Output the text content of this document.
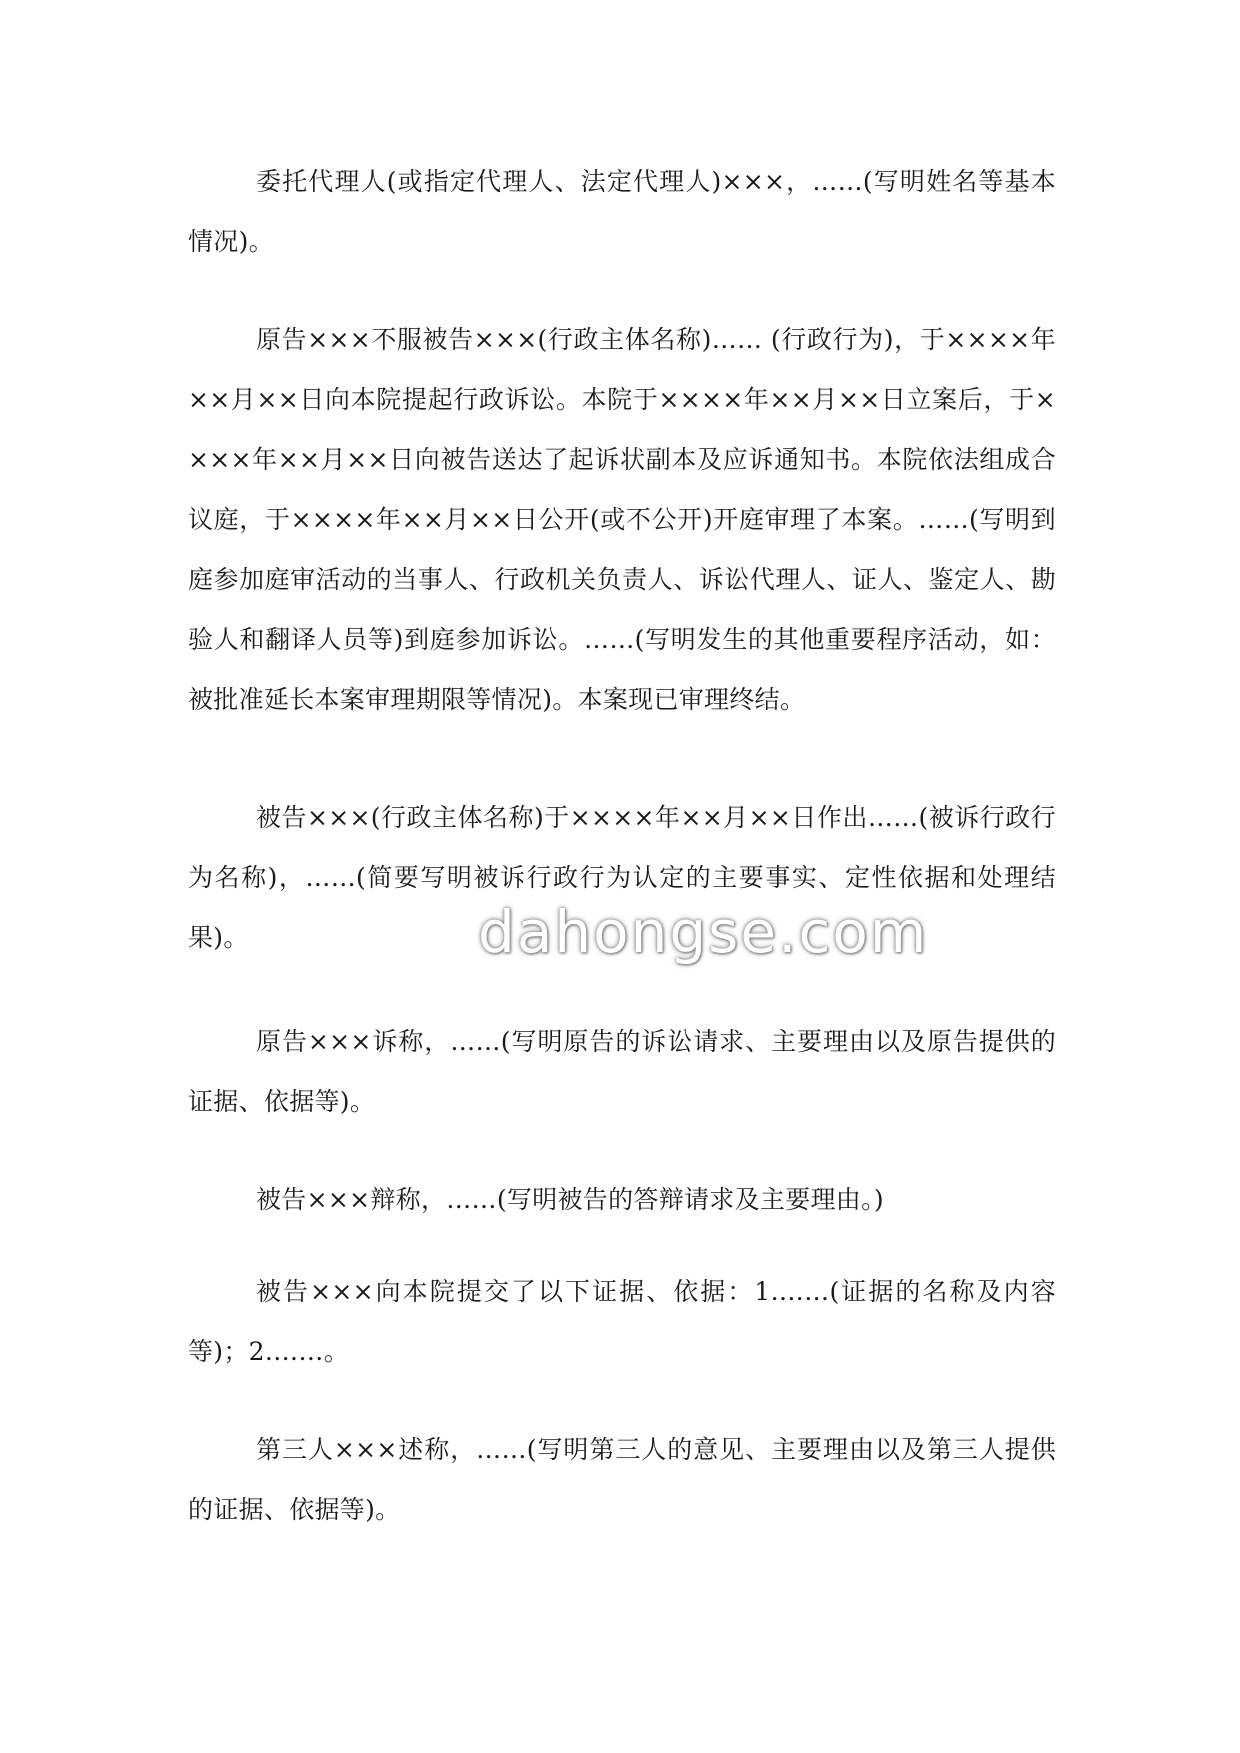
委托代理人(或指定代理人、法定代理人)×××，……(写明姓名等基本情况)。

原告×××不服被告×××(行政主体名称)…… (行政行为)，于××××年××月××日向本院提起行政诉讼。本院于××××年××月××日立案后，于××××年××月××日向被告送达了起诉状副本及应诉通知书。本院依法组成合议庭，于××××年××月××日公开(或不公开)开庭审理了本案。……(写明到庭参加庭审活动的当事人、行政机关负责人、诉讼代理人、证人、鉴定人、勘验人和翻译人员等)到庭参加诉讼。……(写明发生的其他重要程序活动，如：被批准延长本案审理期限等情况)。本案现已审理终结。

被告×××(行政主体名称)于××××年××月××日作出……(被诉行政行为名称)，……(简要写明被诉行政行为认定的主要事实、定性依据和处理结果)。

原告×××诉称，……(写明原告的诉讼请求、主要理由以及原告提供的证据、依据等)。

被告×××辩称，……(写明被告的答辩请求及主要理由。)

被告×××向本院提交了以下证据、依据：1.……(证据的名称及内容等)；2.……。

第三人×××述称，……(写明第三人的意见、主要理由以及第三人提供的证据、依据等)。

dahongse.com
